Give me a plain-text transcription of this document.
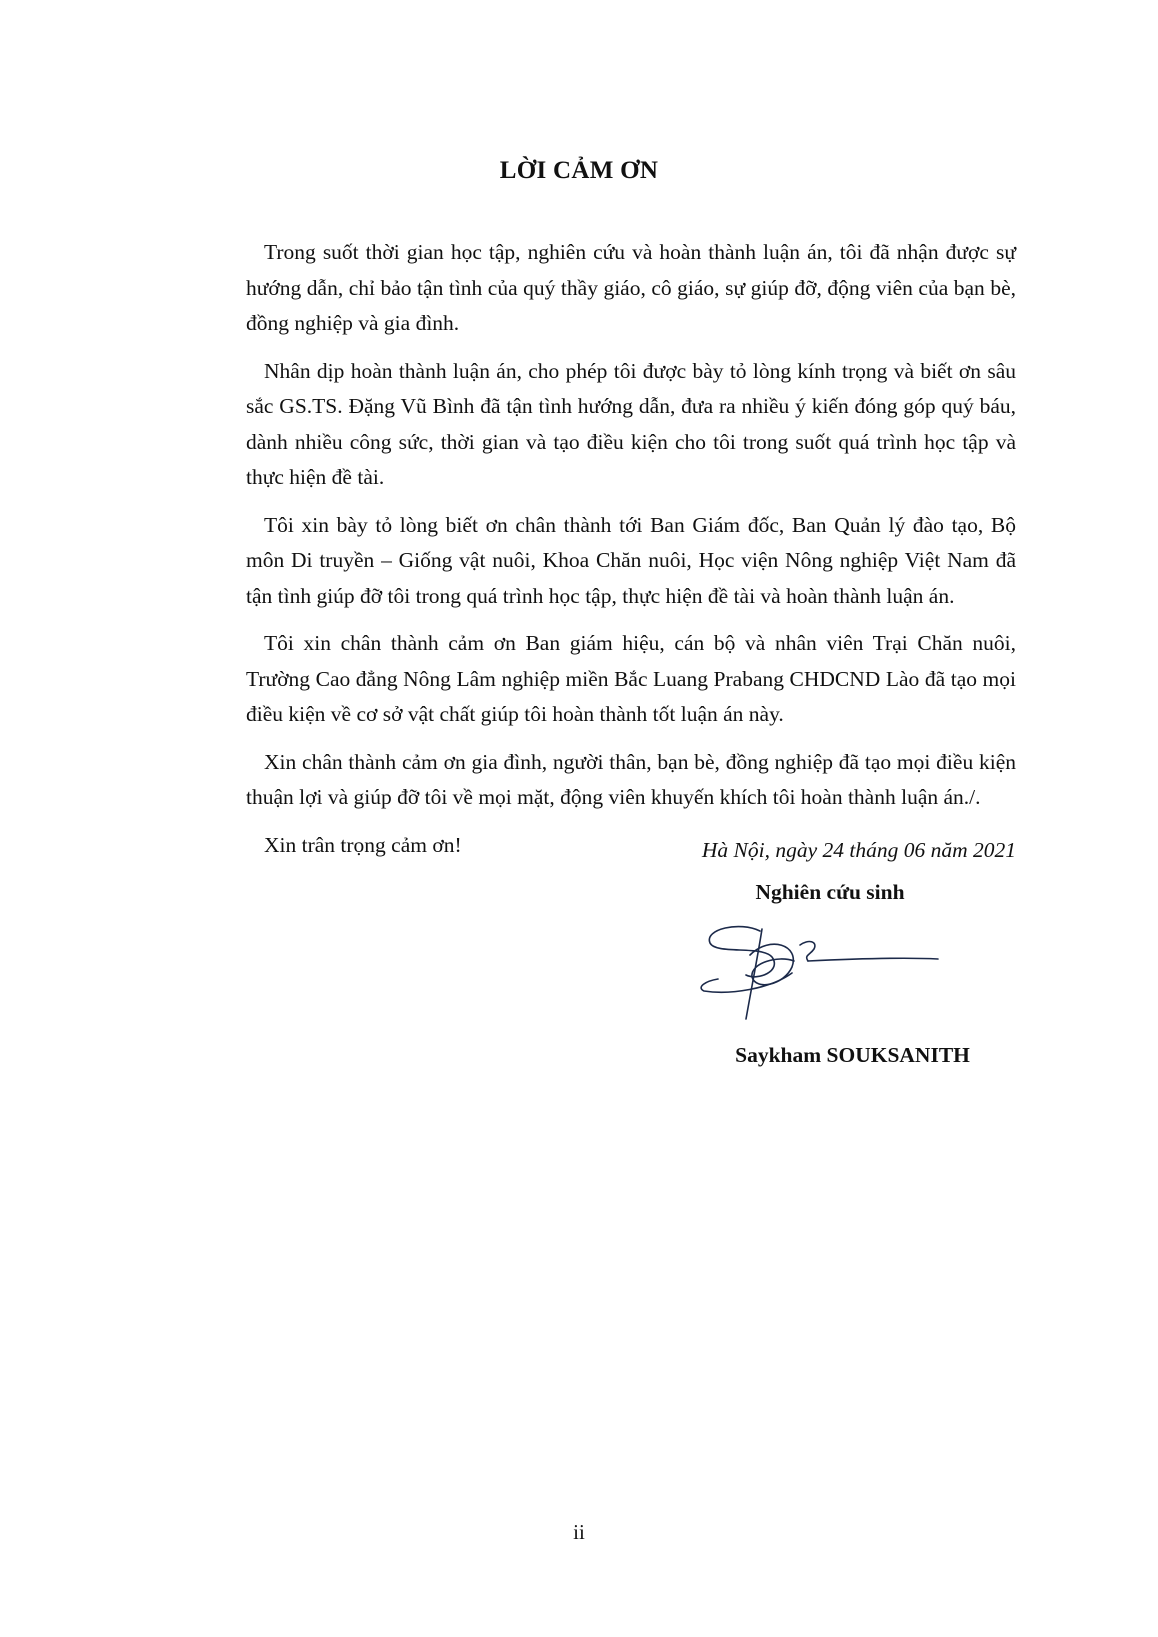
LỜI CẢM ƠN

Trong suốt thời gian học tập, nghiên cứu và hoàn thành luận án, tôi đã nhận được sự hướng dẫn, chỉ bảo tận tình của quý thầy giáo, cô giáo, sự giúp đỡ, động viên của bạn bè, đồng nghiệp và gia đình.

Nhân dịp hoàn thành luận án, cho phép tôi được bày tỏ lòng kính trọng và biết ơn sâu sắc GS.TS. Đặng Vũ Bình đã tận tình hướng dẫn, đưa ra nhiều ý kiến đóng góp quý báu, dành nhiều công sức, thời gian và tạo điều kiện cho tôi trong suốt quá trình học tập và thực hiện đề tài.

Tôi xin bày tỏ lòng biết ơn chân thành tới Ban Giám đốc, Ban Quản lý đào tạo, Bộ môn Di truyền – Giống vật nuôi, Khoa Chăn nuôi, Học viện Nông nghiệp Việt Nam đã tận tình giúp đỡ tôi trong quá trình học tập, thực hiện đề tài và hoàn thành luận án.

Tôi xin chân thành cảm ơn Ban giám hiệu, cán bộ và nhân viên Trại Chăn nuôi, Trường Cao đẳng Nông Lâm nghiệp miền Bắc Luang Prabang CHDCND Lào đã tạo mọi điều kiện về cơ sở vật chất giúp tôi hoàn thành tốt luận án này.

Xin chân thành cảm ơn gia đình, người thân, bạn bè, đồng nghiệp đã tạo mọi điều kiện thuận lợi và giúp đỡ tôi về mọi mặt, động viên khuyến khích tôi hoàn thành luận án./.

Xin trân trọng cảm ơn!	Hà Nội, ngày 24 tháng 06 năm 2021
Nghiên cứu sinh
Saykham SOUKSANITH
ii
